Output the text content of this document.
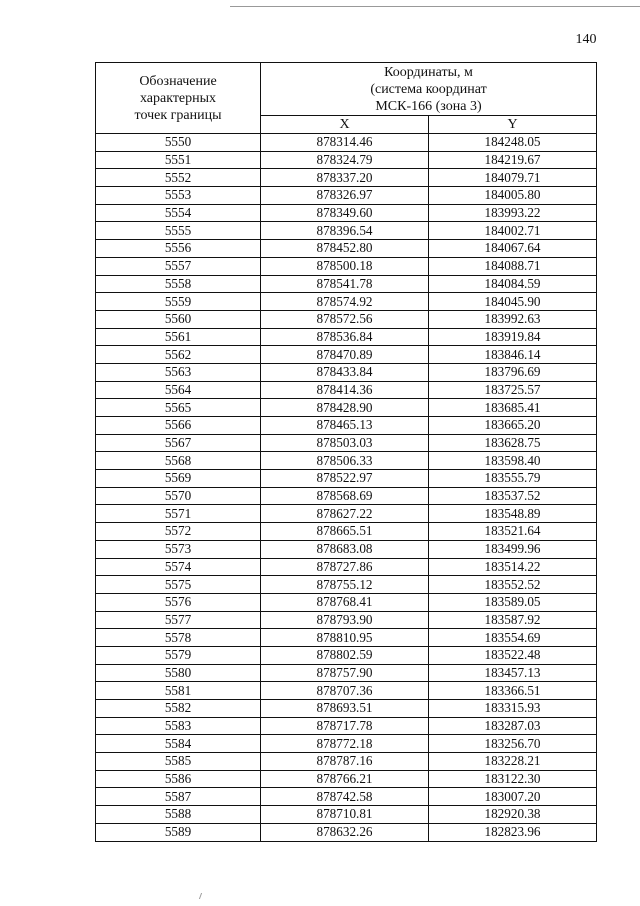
140
Обозначение
характерных
точек границы	Координаты, м
(система координат
МСК-166 (зона 3)	

	X	Y
5550	878314.46	184248.05
5551	878324.79	184219.67
5552	878337.20	184079.71
5553	878326.97	184005.80
5554	878349.60	183993.22
5555	878396.54	184002.71
5556	878452.80	184067.64
5557	878500.18	184088.71
5558	878541.78	184084.59
5559	878574.92	184045.90
5560	878572.56	183992.63
5561	878536.84	183919.84
5562	878470.89	183846.14
5563	878433.84	183796.69
5564	878414.36	183725.57
5565	878428.90	183685.41
5566	878465.13	183665.20
5567	878503.03	183628.75
5568	878506.33	183598.40
5569	878522.97	183555.79
5570	878568.69	183537.52
5571	878627.22	183548.89
5572	878665.51	183521.64
5573	878683.08	183499.96
5574	878727.86	183514.22
5575	878755.12	183552.52
5576	878768.41	183589.05
5577	878793.90	183587.92
5578	878810.95	183554.69
5579	878802.59	183522.48
5580	878757.90	183457.13
5581	878707.36	183366.51
5582	878693.51	183315.93
5583	878717.78	183287.03
5584	878772.18	183256.70
5585	878787.16	183228.21
5586	878766.21	183122.30
5587	878742.58	183007.20
5588	878710.81	182920.38
5589	878632.26	182823.96
